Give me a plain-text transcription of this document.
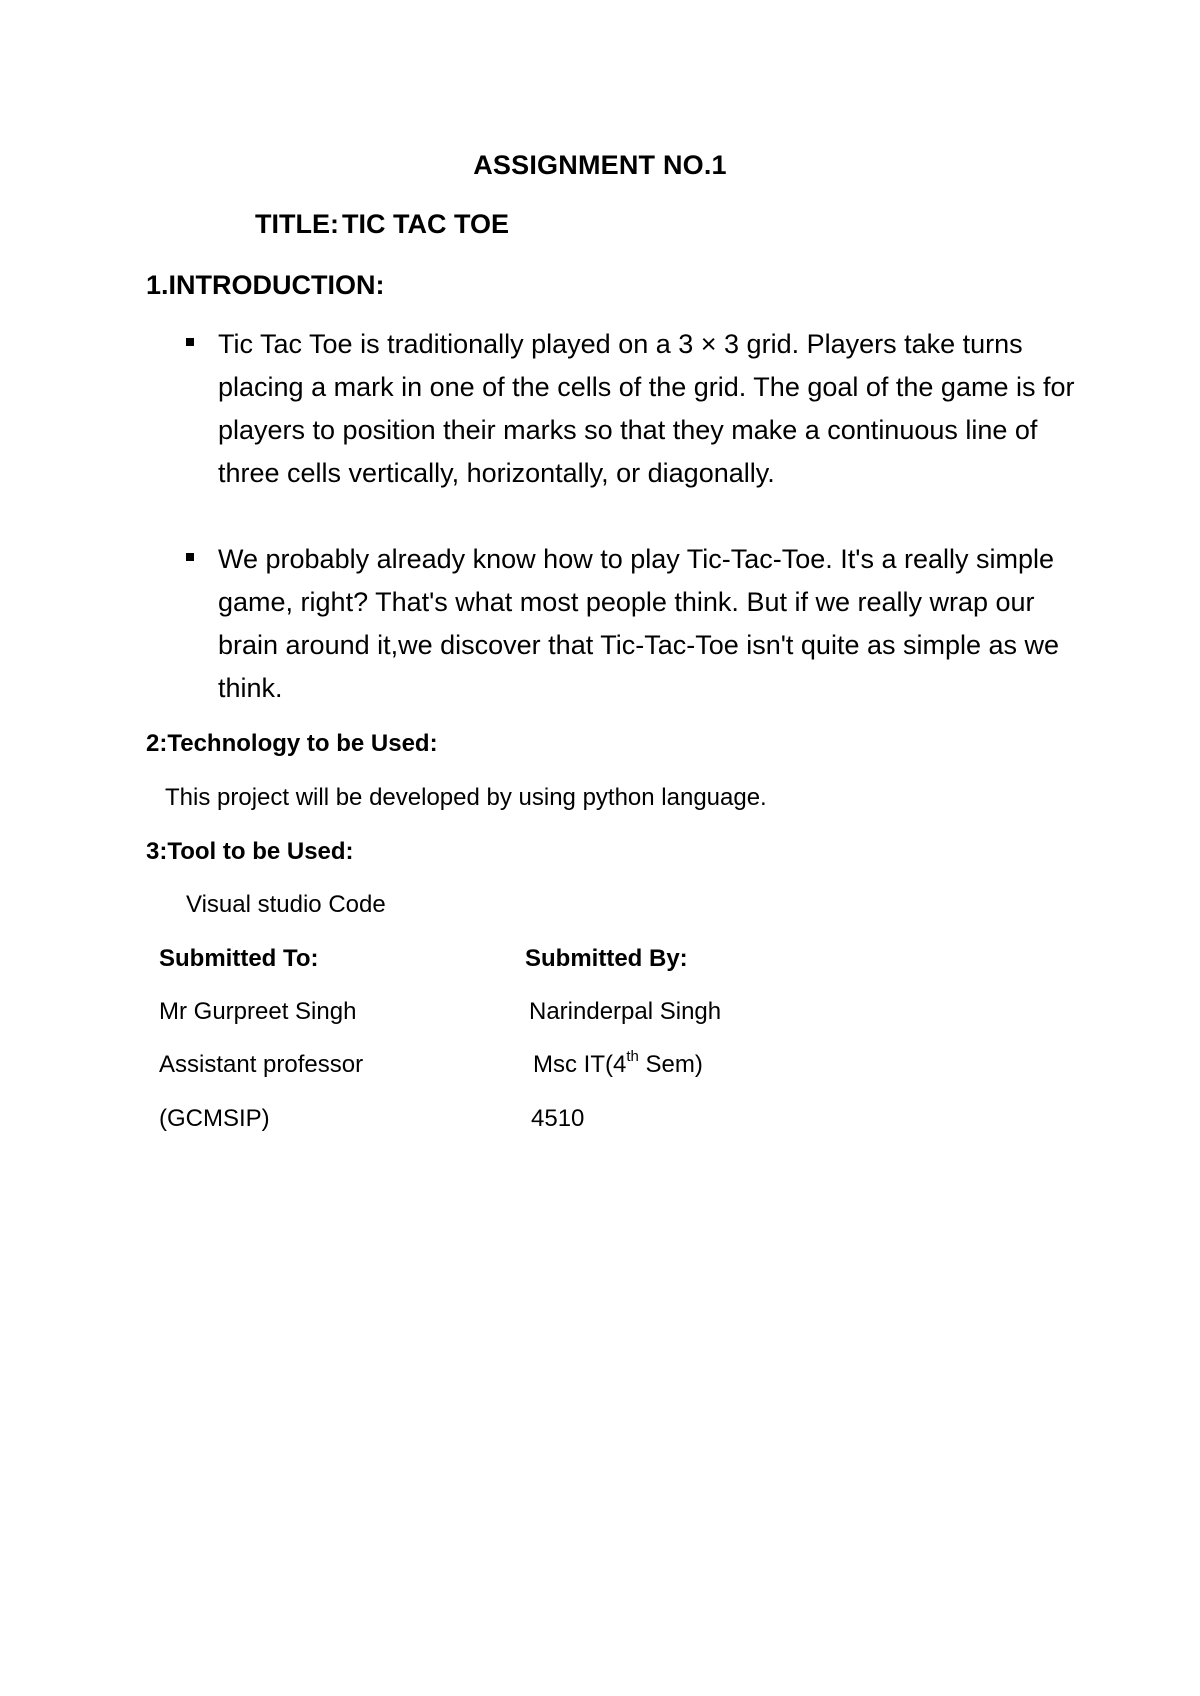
ASSIGNMENT NO.1
TITLE: TIC TAC TOE
1.INTRODUCTION:
Tic Tac Toe is traditionally played on a 3 × 3 grid. Players take turns placing a mark in one of the cells of the grid. The goal of the game is for players to position their marks so that they make a continuous line of three cells vertically, horizontally, or diagonally.
We probably already know how to play Tic-Tac-Toe. It's a really simple game, right? That's what most people think. But if we really wrap our brain around it,we discover that Tic-Tac-Toe isn't quite as simple as we think.
2:Technology to be Used:
This project will be developed by using python language.
3:Tool to be Used:
Visual studio Code
Submitted To:	Submitted By:
Mr Gurpreet Singh	Narinderpal Singh
Assistant professor	Msc IT(4th Sem)
(GCMSIP)	4510
